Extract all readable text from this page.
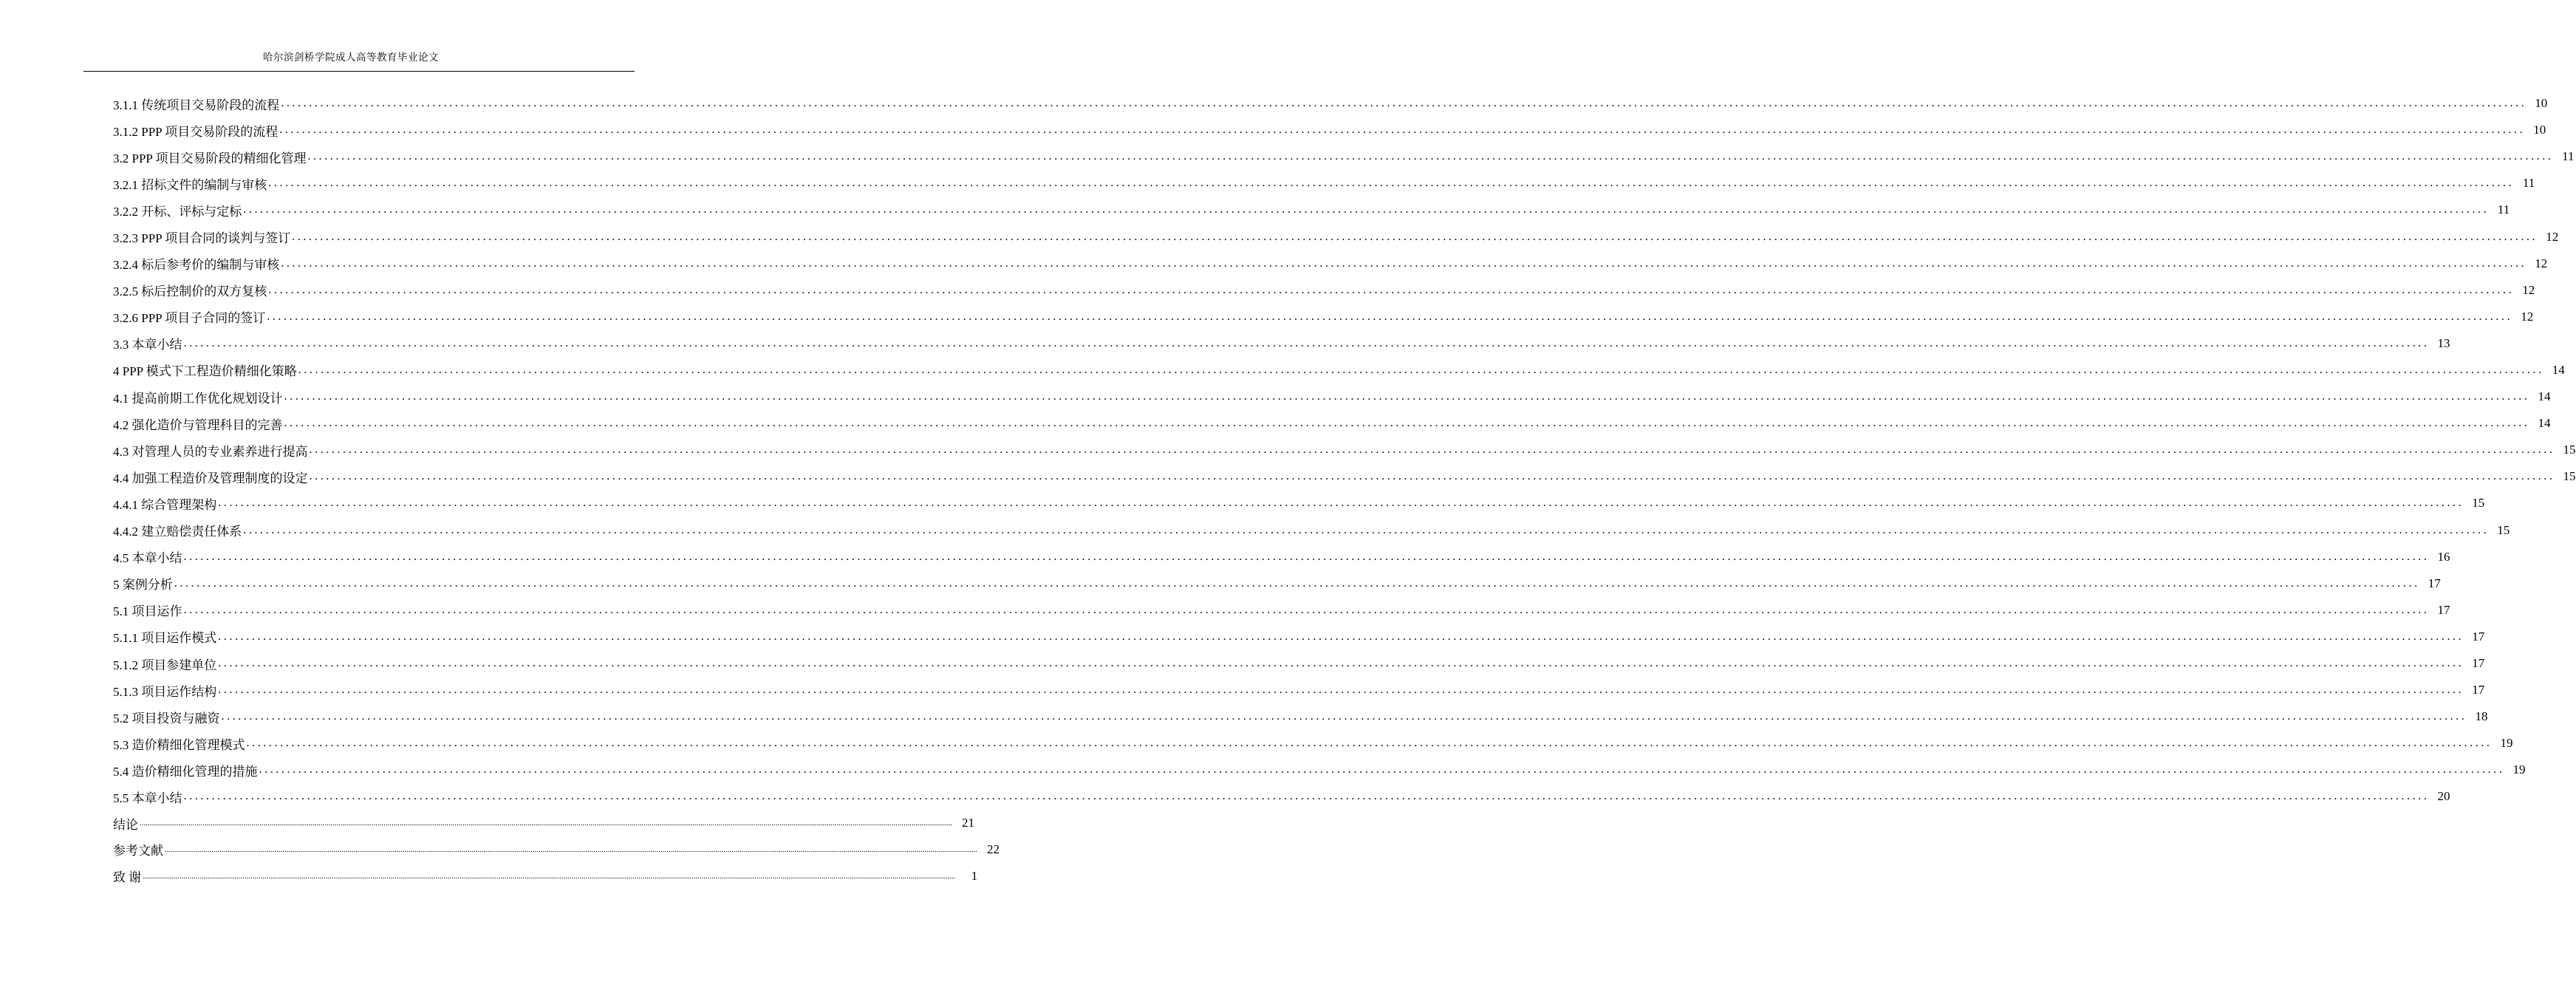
哈尔滨剑桥学院成人高等教育毕业论文
3.1.1 传统项目交易阶段的流程 ................................................................................................................................................................................................................................................................................................................................................................................................................ 10
3.1.2 PPP 项目交易阶段的流程 ................................................................................................................................................................................................................................................................................................................................................................................................................ 10
3.2 PPP 项目交易阶段的精细化管理 ................................................................................................................................................................................................................................................................................................................................................................................................................ 11
3.2.1 招标文件的编制与审核 ................................................................................................................................................................................................................................................................................................................................................................................................................ 11
3.2.2 开标、评标与定标 ................................................................................................................................................................................................................................................................................................................................................................................................................ 11
3.2.3 PPP 项目合同的谈判与签订 ................................................................................................................................................................................................................................................................................................................................................................................................................ 12
3.2.4 标后参考价的编制与审核 ................................................................................................................................................................................................................................................................................................................................................................................................................ 12
3.2.5 标后控制价的双方复核 ................................................................................................................................................................................................................................................................................................................................................................................................................ 12
3.2.6 PPP 项目子合同的签订 ................................................................................................................................................................................................................................................................................................................................................................................................................ 12
3.3 本章小结 ................................................................................................................................................................................................................................................................................................................................................................................................................ 13
4 PPP 模式下工程造价精细化策略 ................................................................................................................................................................................................................................................................................................................................................................................................................ 14
4.1 提高前期工作优化规划设计 ................................................................................................................................................................................................................................................................................................................................................................................................................ 14
4.2 强化造价与管理科目的完善 ................................................................................................................................................................................................................................................................................................................................................................................................................ 14
4.3 对管理人员的专业素养进行提高 ................................................................................................................................................................................................................................................................................................................................................................................................................ 15
4.4 加强工程造价及管理制度的设定 ................................................................................................................................................................................................................................................................................................................................................................................................................ 15
4.4.1 综合管理架构 ................................................................................................................................................................................................................................................................................................................................................................................................................ 15
4.4.2 建立赔偿责任体系 ................................................................................................................................................................................................................................................................................................................................................................................................................ 15
4.5 本章小结 ................................................................................................................................................................................................................................................................................................................................................................................................................ 16
5 案例分析 ................................................................................................................................................................................................................................................................................................................................................................................................................ 17
5.1 项目运作 ................................................................................................................................................................................................................................................................................................................................................................................................................ 17
5.1.1 项目运作模式 ................................................................................................................................................................................................................................................................................................................................................................................................................ 17
5.1.2 项目参建单位 ................................................................................................................................................................................................................................................................................................................................................................................................................ 17
5.1.3 项目运作结构 ................................................................................................................................................................................................................................................................................................................................................................................................................ 17
5.2 项目投资与融资 ................................................................................................................................................................................................................................................................................................................................................................................................................ 18
5.3 造价精细化管理模式 ................................................................................................................................................................................................................................................................................................................................................................................................................ 19
5.4 造价精细化管理的措施 ................................................................................................................................................................................................................................................................................................................................................................................................................ 19
5.5 本章小结 ................................................................................................................................................................................................................................................................................................................................................................................................................ 20
结论 ................................................................................................................................................................................................................................................................................................................................................................................................................ 21
参考文献 ................................................................................................................................................................................................................................................................................................................................................................................................................ 22
致 谢 ................................................................................................................................................................................................................................................................................................................................................................................................................	1
